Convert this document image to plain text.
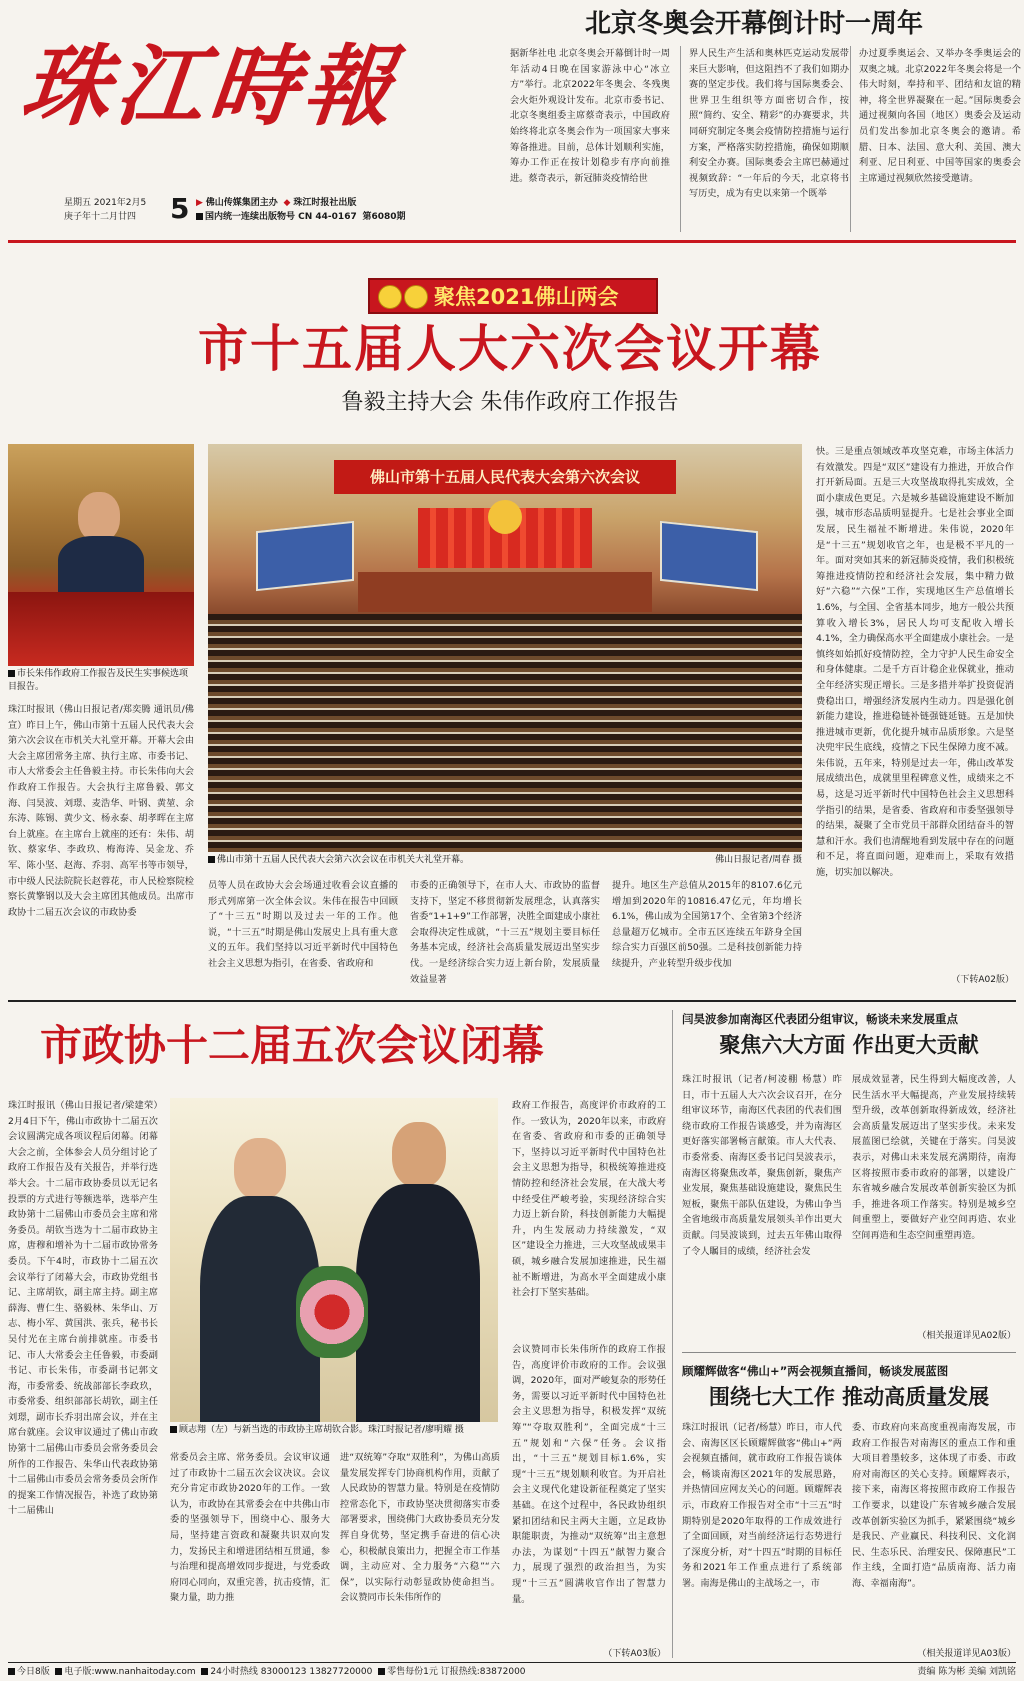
珠江時報
星期五 2021年2月5
庚子年十二月廿四	5 ▶ 佛山传媒集团主办 ◆ 珠江时报社出版
国内统一连续出版物号 CN 44-0167 第6080期
北京冬奥会开幕倒计时一周年
据新华社电 北京冬奥会开幕倒计时一周年活动4日晚在国家游泳中心“冰立方”举行。北京2022年冬奥会、冬残奥会火炬外观设计发布。北京市委书记、北京冬奥组委主席蔡奇表示，中国政府始终将北京冬奥会作为一项国家大事来筹备推进。目前，总体计划顺利实施，筹办工作正在按计划稳步有序向前推进。蔡奇表示，新冠肺炎疫情给世
界人民生产生活和奥林匹克运动发展带来巨大影响，但这阻挡不了我们如期办赛的坚定步伐。我们将与国际奥委会、世界卫生组织等方面密切合作，按照“简约、安全、精彩”的办赛要求，共同研究制定冬奥会疫情防控措施与运行方案，严格落实防控措施，确保如期顺利安全办赛。国际奥委会主席巴赫通过视频致辞：“一年后的今天，北京将书写历史，成为有史以来第一个既举
办过夏季奥运会、又举办冬季奥运会的双奥之城。北京2022年冬奥会将是一个伟大时刻，奉持和平、团结和友谊的精神，将全世界凝聚在一起。”国际奥委会通过视频向各国（地区）奥委会及运动员们发出参加北京冬奥会的邀请。希腊、日本、法国、意大利、美国、澳大利亚、尼日利亚、中国等国家的奥委会主席通过视频欣然接受邀请。
聚焦2021佛山两会
市十五届人大六次会议开幕
鲁毅主持大会 朱伟作政府工作报告
市长朱伟作政府工作报告及民生实事候选项目报告。
佛山市第十五届人民代表大会第六次会议
佛山市第十五届人民代表大会第六次会议在市机关大礼堂开幕。	佛山日报记者/周春 摄
珠江时报讯（佛山日报记者/郑奕腾 通讯员/佛宣）昨日上午，佛山市第十五届人民代表大会第六次会议在市机关大礼堂开幕。开幕大会由大会主席团常务主席、执行主席、市委书记、市人大常委会主任鲁毅主持。市长朱伟向大会作政府工作报告。大会执行主席鲁毅、郭文海、闫昊波、刘璟、麦浩华、叶钢、黄堃、余东涛、陈锡、黄少文、杨永泰、胡孝晖在主席台上就座。在主席台上就座的还有：朱伟、胡钦、蔡家华、李政玖、梅海涛、吴金龙、乔军、陈小坚、赵海、乔羽、高军书等市领导，市中级人民法院院长赵蓉花，市人民检察院检察长黄擎钢以及大会主席团其他成员。出席市政协十二届五次会议的市政协委
员等人员在政协大会会场通过收看会议直播的形式列席第一次全体会议。朱伟在报告中回顾了“十三五”时期以及过去一年的工作。他说，“十三五”时期是佛山发展史上具有重大意义的五年。我们坚持以习近平新时代中国特色社会主义思想为指引，在省委、省政府和
市委的正确领导下，在市人大、市政协的监督支持下，坚定不移贯彻新发展理念，认真落实省委“1+1+9”工作部署，决胜全面建成小康社会取得决定性成就，“十三五”规划主要目标任务基本完成，经济社会高质量发展迈出坚实步伐。一是经济综合实力迈上新台阶，发展质量效益显著
提升。地区生产总值从2015年的8107.6亿元增加到2020年的10816.47亿元，年均增长6.1%，佛山成为全国第17个、全省第3个经济总量超万亿城市。全市五区连续五年跻身全国综合实力百强区前50强。二是科技创新能力持续提升，产业转型升级步伐加
快。三是重点领域改革攻坚克难，市场主体活力有效激发。四是“双区”建设有力推进，开放合作打开新局面。五是三大攻坚战取得扎实成效，全面小康成色更足。六是城乡基础设施建设不断加强，城市形态品质明显提升。七是社会事业全面发展，民生福祉不断增进。朱伟说，2020年是“十三五”规划收官之年，也是极不平凡的一年。面对突如其来的新冠肺炎疫情，我们积极统筹推进疫情防控和经济社会发展，集中精力做好“六稳”“六保”工作，实现地区生产总值增长1.6%，与全国、全省基本同步，地方一般公共预算收入增长3%，居民人均可支配收入增长4.1%，全力确保高水平全面建成小康社会。一是慎终如始抓好疫情防控，全力守护人民生命安全和身体健康。二是千方百计稳企业保就业，推动全年经济实现正增长。三是多措并举扩投资促消费稳出口，增强经济发展内生动力。四是强化创新能力建设，推进稳链补链强链延链。五是加快推进城市更新，优化提升城市品质形象。六是坚决兜牢民生底线，疫情之下民生保障力度不减。朱伟说，五年来，特别是过去一年，佛山改革发展成绩出色，成就里里程碑意义性，成绩来之不易，这是习近平新时代中国特色社会主义思想科学指引的结果，是省委、省政府和市委坚强领导的结果，凝聚了全市党员干部群众团结奋斗的智慧和汗水。我们也清醒地看到发展中存在的问题和不足，将直面问题，迎难而上，采取有效措施，切实加以解决。
（下转A02版）
市政协十二届五次会议闭幕
珠江时报讯（佛山日报记者/梁建荣）2月4日下午，佛山市政协十二届五次会议圆满完成各项议程后闭幕。闭幕大会之前，全体参会人员分组讨论了政府工作报告及有关报告，并举行选举大会。十二届市政协委员以无记名投票的方式进行等额选举，选举产生政协第十二届佛山市委员会主席和常务委员。胡钦当选为十二届市政协主席，唐穆和增补为十二届市政协常务委员。下午4时，市政协十二届五次会议举行了闭幕大会，市政协党组书记、主席胡钦，副主席主持。副主席薛海、曹仁生、骆毅林、朱华山、万志、梅小军、黄国洪、张兵，秘书长吴付光在主席台前排就座。市委书记、市人大常委会主任鲁毅，市委副书记、市长朱伟，市委副书记郭文海，市委常委、统战部部长李政玖，市委常委、组织部部长胡钦，副主任刘璟，副市长乔羽出席会议，并在主席台就座。会议审议通过了佛山市政协第十二届佛山市委员会常务委员会所作的工作报告、朱华山代表政协第十二届佛山市委员会常务委员会所作的提案工作情况报告，补选了政协第十二届佛山
顾志翔（左）与新当选的市政协主席胡钦合影。珠江时报记者/廖明耀 摄
常委员会主席、常务委员。会议审议通过了市政协十二届五次会议决议。会议充分肯定市政协2020年的工作。一致认为，市政协在其常委会在中共佛山市委的坚强领导下，围绕中心、服务大局，坚持建言资政和凝聚共识双向发力，发扬民主和增进团结相互贯通，参与治理和提高增效同步提进，与党委政府同心同向，双重完善，抗击疫情，汇聚力量，助力推
进“双统筹”夺取“双胜利”，为佛山高质量发展发挥专门协商机构作用，贡献了人民政协的智慧力量。特别是在疫情防控常态化下，市政协坚决贯彻落实市委部署要求，围绕佛门大政协委员充分发挥自身优势，坚定携手奋进的信心决心，积极献良策出力，把握全市工作基调，主动应对、全力服务“六稳”“六保”，以实际行动彰显政协使命担当。会议赞同市长朱伟所作的
政府工作报告，高度评价市政府的工作。一致认为，2020年以来，市政府在省委、省政府和市委的正确领导下，坚持以习近平新时代中国特色社会主义思想为指导，积极统筹推进疫情防控和经济社会发展，在大战大考中经受住严峻考验，实现经济综合实力迈上新台阶，科技创新能力大幅提升，内生发展动力持续激发，“双区”建设全力推进，三大攻坚战成果丰硕，城乡融合发展加速推进，民生福祉不断增进，为高水平全面建成小康社会打下坚实基础。
会议赞同市长朱伟所作的政府工作报告，高度评价市政府的工作。会议强调，2020年，面对严峻复杂的形势任务，需要以习近平新时代中国特色社会主义思想为指导，积极发挥“双统筹”“夺取双胜利”，全面完成“十三五”规划和“六保”任务。会议指出，“十三五”规划目标1.6%，实现“十三五”规划顺利收官。为开启社会主义现代化建设新征程奠定了坚实基础。在这个过程中，各民政协组织紧扣团结和民主两大主题，立足政协职能职责，为推动“双统筹”出主意想办法，为谋划“十四五”献智力聚合力，展现了强烈的政治担当，为实现“十三五”圆满收官作出了智慧力量。
（下转A03版）
闫昊波参加南海区代表团分组审议，畅谈未来发展重点
聚焦六大方面 作出更大贡献
珠江时报讯（记者/柯凌棚 杨慧）昨日，市十五届人大六次会议召开，在分组审议环节，南海区代表团的代表们围绕市政府工作报告谈感受，并为南海区更好落实部署畅言献策。市人大代表、市委常委、南海区委书记闫昊波表示，南海区将聚焦改革，聚焦创新，聚焦产业发展，聚焦基础设施建设，聚焦民生短板，聚焦干部队伍建设，为佛山争当全省地级市高质量发展领头羊作出更大贡献。闫昊波谈到，过去五年佛山取得了令人瞩目的成绩，经济社会发
展成效显著，民生得到大幅度改善，人民生活水平大幅提高，产业发展持续转型升级，改革创新取得新成效，经济社会高质量发展迈出了坚实步伐。未来发展蓝图已绘就，关键在于落实。闫昊波表示，对佛山未来发展充满期待，南海区将按照市委市政府的部署，以建设广东省城乡融合发展改革创新实验区为抓手，推进各项工作落实。特别是城乡空间重塑上，要做好产业空间再造、农业空间再造和生态空间重塑再造。
（相关报道详见A02版）
顾耀辉做客“佛山+”两会视频直播间，畅谈发展蓝图
围绕七大工作 推动高质量发展
珠江时报讯（记者/杨慧）昨日，市人代会、南海区区长顾耀辉做客“佛山+”两会视频直播间，就市政府工作报告谈体会，畅谈南海区2021年的发展思路，并热情回应网友关心的问题。顾耀辉表示，市政府工作报告对全市“十三五”时期特别是2020年取得的工作成效进行了全面回顾，对当前经济运行态势进行了深度分析，对“十四五”时期的目标任务和2021年工作重点进行了系统部署。南海是佛山的主战场之一，市
委、市政府向来高度重视南海发展，市政府工作报告对南海区的重点工作和重大项目着墨较多，这体现了市委、市政府对南海区的关心支持。顾耀辉表示，接下来，南海区将按照市政府工作报告工作要求，以建设广东省城乡融合发展改革创新实验区为抓手，紧紧围绕“城乡是我民、产业赢民、科技利民、文化润民、生态乐民、治理安民、保障惠民”工作主线，全面打造“品质南海、活力南海、幸福南海”。
（相关报道详见A03版）
今日8版 电子版:www.nanhaitoday.com 24小时热线 83000123 13827720000 零售每份1元 订报热线:83872000	责编 陈为彬 美编 刘凯铭
